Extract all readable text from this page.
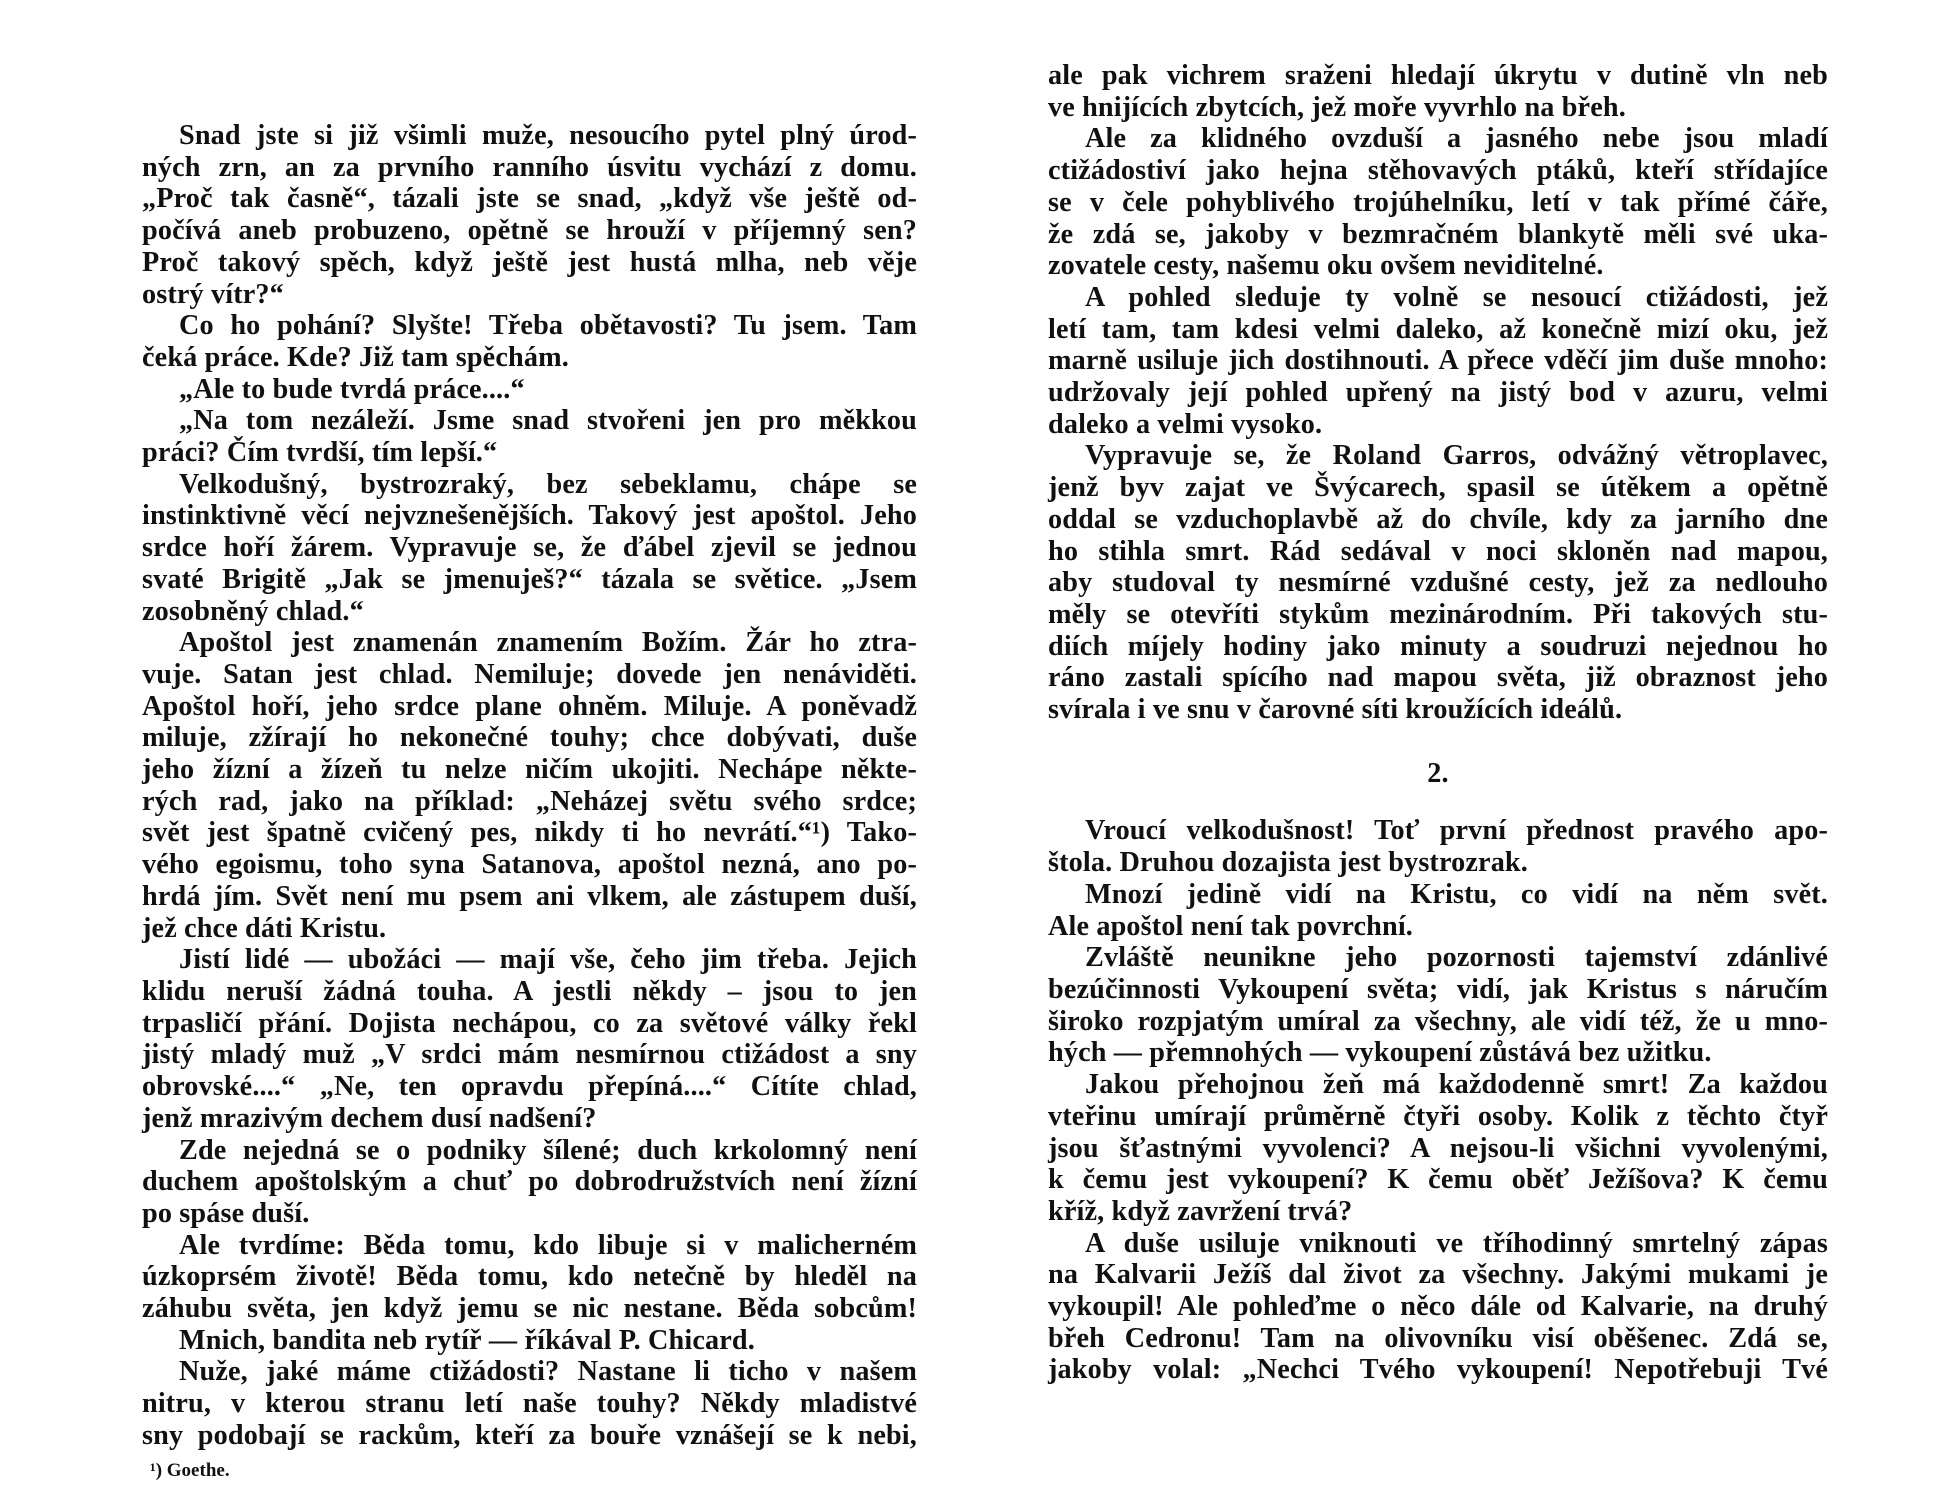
Snad jste si již všimli muže, nesoucího pytel plný úrod-

ných zrn, an za prvního ranního úsvitu vychází z domu.

„Proč tak časně“, tázali jste se snad, „když vše ještě od-

počívá aneb probuzeno, opětně se hrouží v příjemný sen?

Proč takový spěch, když ještě jest hustá mlha, neb věje

ostrý vítr?“

Co ho pohání? Slyšte! Třeba obětavosti? Tu jsem. Tam

čeká práce. Kde? Již tam spěchám.

„Ale to bude tvrdá práce....“

„Na tom nezáleží. Jsme snad stvořeni jen pro měkkou

práci? Čím tvrdší, tím lepší.“

Velkodušný, bystrozraký, bez sebeklamu, chápe se

instinktivně věcí nejvznešenějších. Takový jest apoštol. Jeho

srdce hoří žárem. Vypravuje se, že ďábel zjevil se jednou

svaté Brigitě „Jak se jmenuješ?“ tázala se světice. „Jsem

zosobněný chlad.“

Apoštol jest znamenán znamením Božím. Žár ho ztra-

vuje. Satan jest chlad. Nemiluje; dovede jen nenáviděti.

Apoštol hoří, jeho srdce plane ohněm. Miluje. A poněvadž

miluje, zžírají ho nekonečné touhy; chce dobývati, duše

jeho žízní a žízeň tu nelze ničím ukojiti. Nechápe někte-

rých rad, jako na příklad: „Neházej světu svého srdce;

svět jest špatně cvičený pes, nikdy ti ho nevrátí.“¹) Tako-

vého egoismu, toho syna Satanova, apoštol nezná, ano po-

hrdá jím. Svět není mu psem ani vlkem, ale zástupem duší,

jež chce dáti Kristu.

Jistí lidé — ubožáci — mají vše, čeho jim třeba. Jejich

klidu neruší žádná touha. A jestli někdy – jsou to jen

trpasličí přání. Dojista nechápou, co za světové války řekl

jistý mladý muž „V srdci mám nesmírnou ctižádost a sny

obrovské....“ „Ne, ten opravdu přepíná....“ Cítíte chlad,

jenž mrazivým dechem dusí nadšení?

Zde nejedná se o podniky šílené; duch krkolomný není

duchem apoštolským a chuť po dobrodružstvích není žízní

po spáse duší.

Ale tvrdíme: Běda tomu, kdo libuje si v malicherném

úzkoprsém životě! Běda tomu, kdo netečně by hleděl na

záhubu světa, jen když jemu se nic nestane. Běda sobcům!

Mnich, bandita neb rytíř — říkával P. Chicard.

Nuže, jaké máme ctižádosti? Nastane li ticho v našem

nitru, v kterou stranu letí naše touhy? Někdy mladistvé

sny podobají se rackům, kteří za bouře vznášejí se k nebi,

¹) Goethe.

ale pak vichrem sraženi hledají úkrytu v dutině vln neb

ve hnijících zbytcích, jež moře vyvrhlo na břeh.

Ale za klidného ovzduší a jasného nebe jsou mladí

ctižádostiví jako hejna stěhovavých ptáků, kteří střídajíce

se v čele pohyblivého trojúhelníku, letí v tak přímé čáře,

že zdá se, jakoby v bezmračném blankytě měli své uka-

zovatele cesty, našemu oku ovšem neviditelné.

A pohled sleduje ty volně se nesoucí ctižádosti, jež

letí tam, tam kdesi velmi daleko, až konečně mizí oku, jež

marně usiluje jich dostihnouti. A přece vděčí jim duše mnoho:

udržovaly její pohled upřený na jistý bod v azuru, velmi

daleko a velmi vysoko.

Vypravuje se, že Roland Garros, odvážný větroplavec,

jenž byv zajat ve Švýcarech, spasil se útěkem a opětně

oddal se vzduchoplavbě až do chvíle, kdy za jarního dne

ho stihla smrt. Rád sedával v noci skloněn nad mapou,

aby studoval ty nesmírné vzdušné cesty, jež za nedlouho

měly se otevříti stykům mezinárodním. Při takových stu-

diích míjely hodiny jako minuty a soudruzi nejednou ho

ráno zastali spícího nad mapou světa, již obraznost jeho

svírala i ve snu v čarovné síti kroužících ideálů.

2.

Vroucí velkodušnost! Toť první přednost pravého apo-

štola. Druhou dozajista jest bystrozrak.

Mnozí jedině vidí na Kristu, co vidí na něm svět.

Ale apoštol není tak povrchní.

Zvláště neunikne jeho pozornosti tajemství zdánlivé

bezúčinnosti Vykoupení světa; vidí, jak Kristus s náručím

široko rozpjatým umíral za všechny, ale vidí též, že u mno-

hých — přemnohých — vykoupení zůstává bez užitku.

Jakou přehojnou žeň má každodenně smrt! Za každou

vteřinu umírají průměrně čtyři osoby. Kolik z těchto čtyř

jsou šťastnými vyvolenci? A nejsou-li všichni vyvolenými,

k čemu jest vykoupení? K čemu oběť Ježíšova? K čemu

kříž, když zavržení trvá?

A duše usiluje vniknouti ve tříhodinný smrtelný zápas

na Kalvarii Ježíš dal život za všechny. Jakými mukami je

vykoupil! Ale pohleďme o něco dále od Kalvarie, na druhý

břeh Cedronu! Tam na olivovníku visí oběšenec. Zdá se,

jakoby volal: „Nechci Tvého vykoupení! Nepotřebuji Tvé
